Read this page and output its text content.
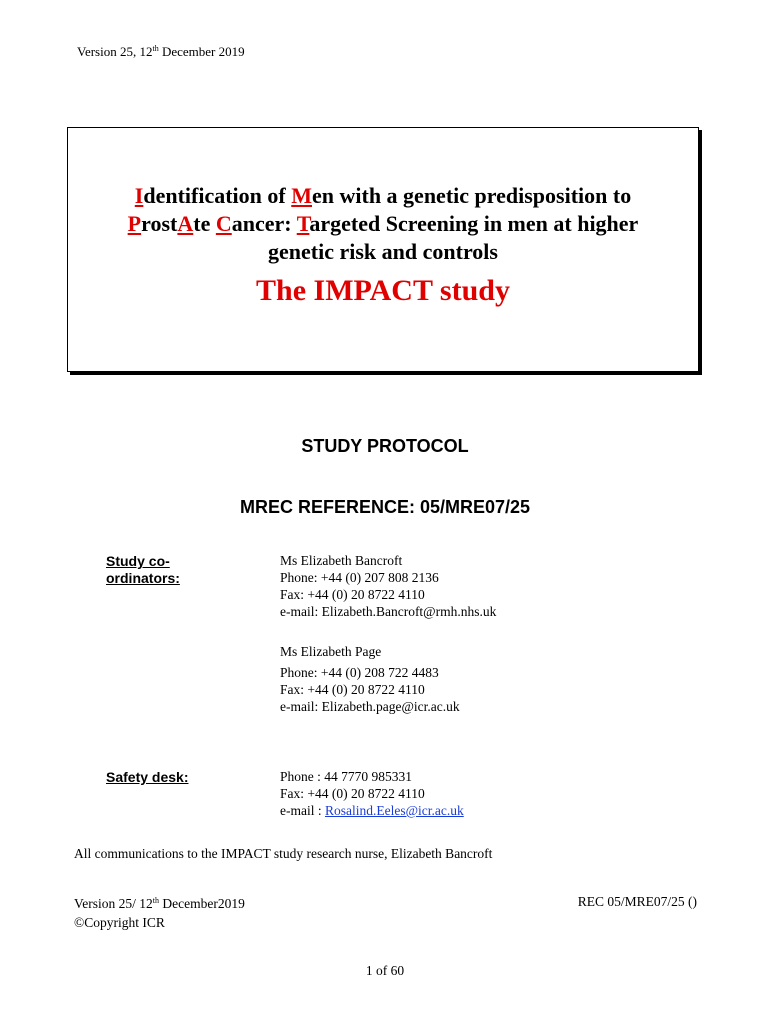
Version 25, 12th December 2019
Identification of Men with a genetic predisposition to
ProstAte Cancer: Targeted Screening in men at higher
genetic risk and controls
The IMPACT study
STUDY PROTOCOL
MREC REFERENCE: 05/MRE07/25
Study co-ordinators:
Ms Elizabeth Bancroft
Phone: +44 (0) 207 808 2136
Fax: +44 (0) 20 8722 4110
e-mail: Elizabeth.Bancroft@rmh.nhs.uk
Ms Elizabeth Page
Phone: +44 (0) 208 722 4483
Fax: +44 (0) 20 8722 4110
e-mail: Elizabeth.page@icr.ac.uk
Safety desk:	Phone : 44 7770 985331
Fax: +44 (0) 20 8722 4110
e-mail : Rosalind.Eeles@icr.ac.uk
All communications to the IMPACT study research nurse, Elizabeth Bancroft
Version 25/ 12th December2019
©Copyright ICR
REC 05/MRE07/25 ()
1 of 60
